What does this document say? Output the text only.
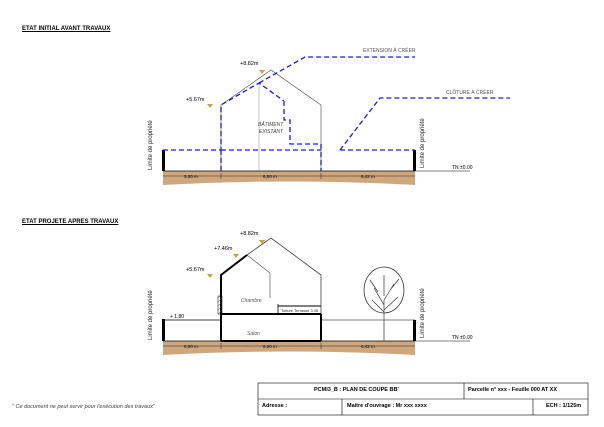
ETAT INITIAL AVANT TRAVAUX
ETAT PROJETE APRES TRAVAUX
+8.82m
+5.67m
EXTENSION À CRÉER
CLÔTURE À CRÉER
BÂTIMENT
EXISTANT
Limite de propriété	Limite de propriété
5,00 m	6,00 m	6,42 m
TN ±0.00
+8.82m
+7.46m
+5.67m
+ 1.80
Chambre
Salon
Toiture Terrasse 3.05
Limite de propriété	Limite de propriété
5,00 m	6,00 m	6,42 m
TN ±0.00
" Ce document ne peut servir pour l'exécution des travaux"
PCMI3_B : PLAN DE COUPE BB'	Parcelle n° xxx - Feuille 000 AT XX
Adresse :	Maitre d'ouvrage : Mr xxx xxxx	ECH : 1/125m
